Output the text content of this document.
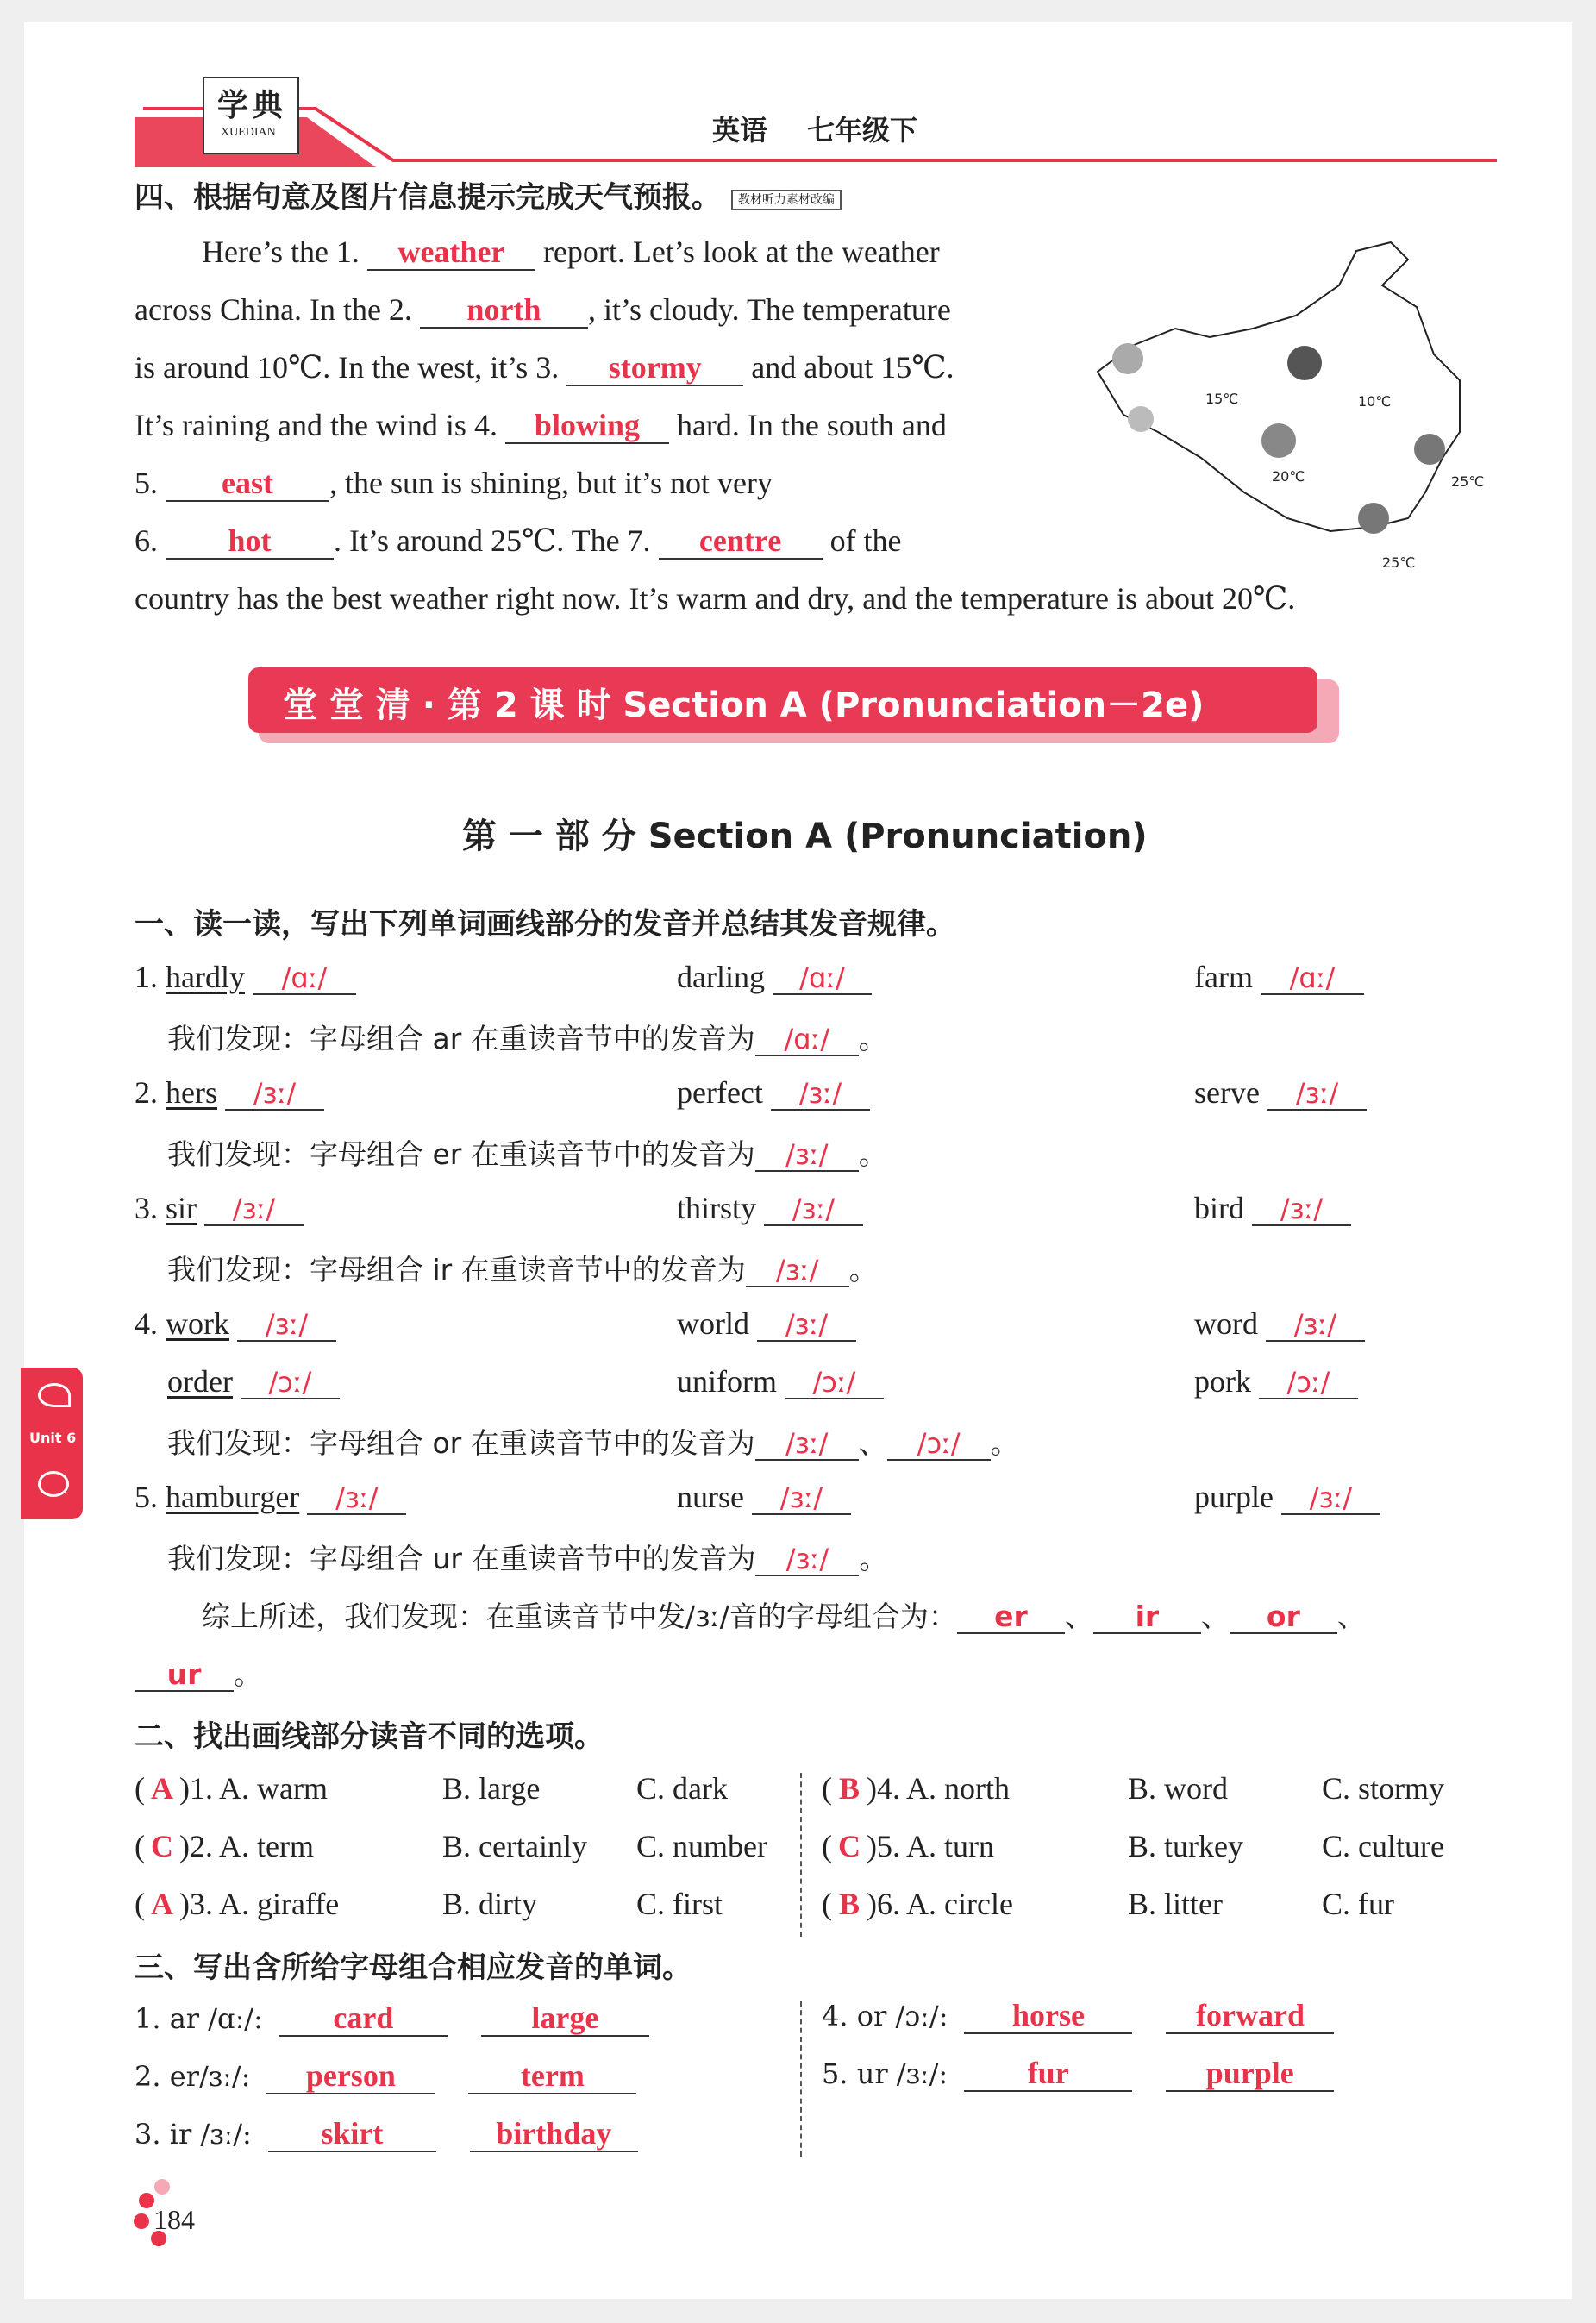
学典
XUEDIAN	英语 七年级下
四、根据句意及图片信息提示完成天气预报。 教材听力素材改编
Here’s the 1. weather report. Let’s look at the weather
across China. In the 2. north , it’s cloudy. The temperature
is around 10℃. In the west, it’s 3. stormy and about 15℃.
It’s raining and the wind is 4. blowing hard. In the south and
5. east , the sun is shining, but it’s not very
6. hot . It’s around 25℃. The 7. centre of the
country has the best weather right now. It’s warm and dry, and the temperature is about 20℃.
15℃	10℃
20℃	25℃
25℃
堂 堂 清 · 第 2 课 时 Section A (Pronunciation－2e)
第 一 部 分 Section A (Pronunciation)
一、读一读，写出下列单词画线部分的发音并总结其发音规律。
1. hardly /ɑː/	darling /ɑː/	farm /ɑː/
我们发现：字母组合 ar 在重读音节中的发音为 /ɑː/ 。
2. hers /ɜː/	perfect /ɜː/	serve /ɜː/
我们发现：字母组合 er 在重读音节中的发音为 /ɜː/ 。
3. sir /ɜː/	thirsty /ɜː/	bird /ɜː/
我们发现：字母组合 ir 在重读音节中的发音为 /ɜː/ 。
4. work /ɜː/	world /ɜː/	word /ɜː/
order /ɔː/	uniform /ɔː/	pork /ɔː/
我们发现：字母组合 or 在重读音节中的发音为 /ɜː/ 、 /ɔː/ 。
5. hamburger /ɜː/	nurse /ɜː/	purple /ɜː/
我们发现：字母组合 ur 在重读音节中的发音为 /ɜː/ 。
综上所述，我们发现：在重读音节中发/ɜː/音的字母组合为： er 、 ir 、 or 、
ur 。
二、找出画线部分读音不同的选项。
( A )1. A. warm	B. large	C. dark
( C )2. A. term	B. certainly C. number
( A )3. A. giraffe	B. dirty	C. first
( B )4. A. north	B. word	C. stormy
( C )5. A. turn	B. turkey	C. culture
( B )6. A. circle	B. litter	C. fur
三、写出含所给字母组合相应发音的单词。
1. ar /ɑː/: card	large
2. er/ɜː/: person	term
3. ir /ɜː/: skirt	birthday
4. or /ɔː/: horse	forward
5. ur /ɜː/:	fur	purple
Unit 6
184
